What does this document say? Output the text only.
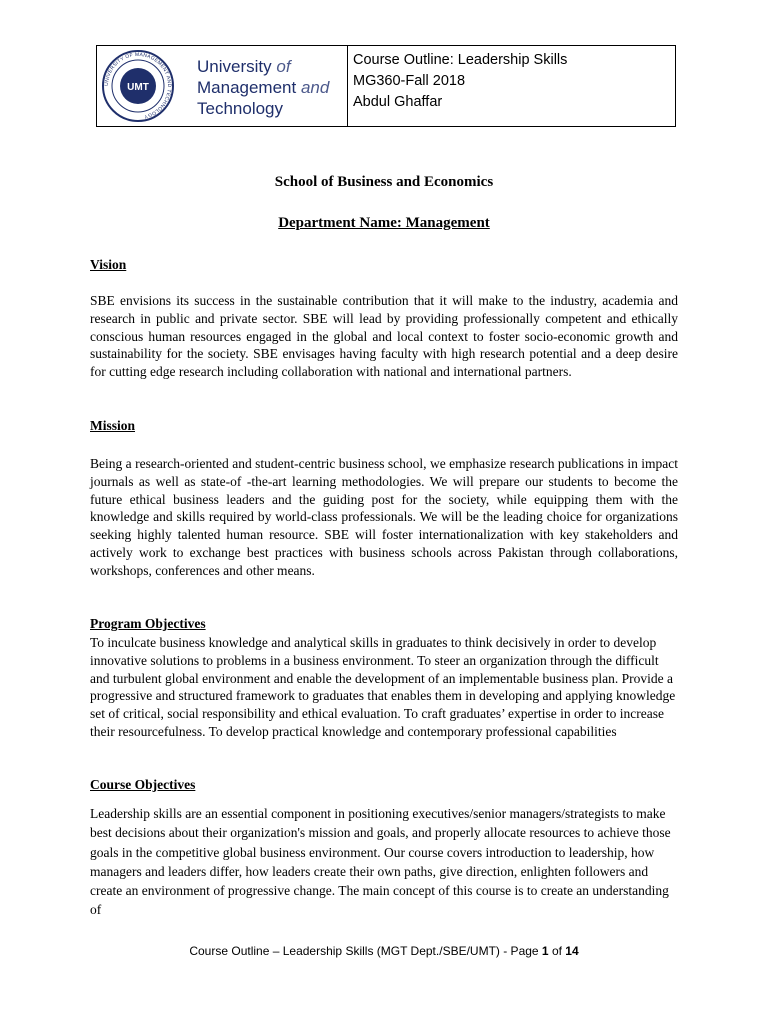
UMT
UNIVERSITY OF MANAGEMENT AND TECHNOLOGY
University of
Management and
Technology
Course Outline: Leadership Skills
MG360-Fall 2018
Abdul Ghaffar
School of Business and Economics
Department Name: Management
Vision
SBE envisions its success in the sustainable contribution that it will make to the industry, academia and research in public and private sector. SBE will lead by providing professionally competent and ethically conscious human resources engaged in the global and local context to foster socio-economic growth and sustainability for the society. SBE envisages having faculty with high research potential and a deep desire for cutting edge research including collaboration with national and international partners.
Mission
Being a research-oriented and student-centric business school, we emphasize research publications in impact journals as well as state-of -the-art learning methodologies. We will prepare our students to become the future ethical business leaders and the guiding post for the society, while equipping them with the knowledge and skills required by world-class professionals. We will be the leading choice for organizations seeking highly talented human resource. SBE will foster internationalization with key stakeholders and actively work to exchange best practices with business schools across Pakistan through collaborations, workshops, conferences and other means.
Program Objectives
To inculcate business knowledge and analytical skills in graduates to think decisively in order to develop innovative solutions to problems in a business environment. To steer an organization through the difficult and turbulent global environment and enable the development of an implementable business plan. Provide a progressive and structured framework to graduates that enables them in developing and applying knowledge set of critical, social responsibility and ethical evaluation. To craft graduates’ expertise in order to increase their resourcefulness. To develop practical knowledge and contemporary professional capabilities
Course Objectives
Leadership skills are an essential component in positioning executives/senior managers/strategists to make best decisions about their organization's mission and goals, and properly allocate resources to achieve those goals in the competitive global business environment. Our course covers introduction to leadership, how managers and leaders differ, how leaders create their own paths, give direction, enlighten followers and create an environment of progressive change. The main concept of this course is to create an understanding of
Course Outline – Leadership Skills (MGT Dept./SBE/UMT) - Page 1 of 14
